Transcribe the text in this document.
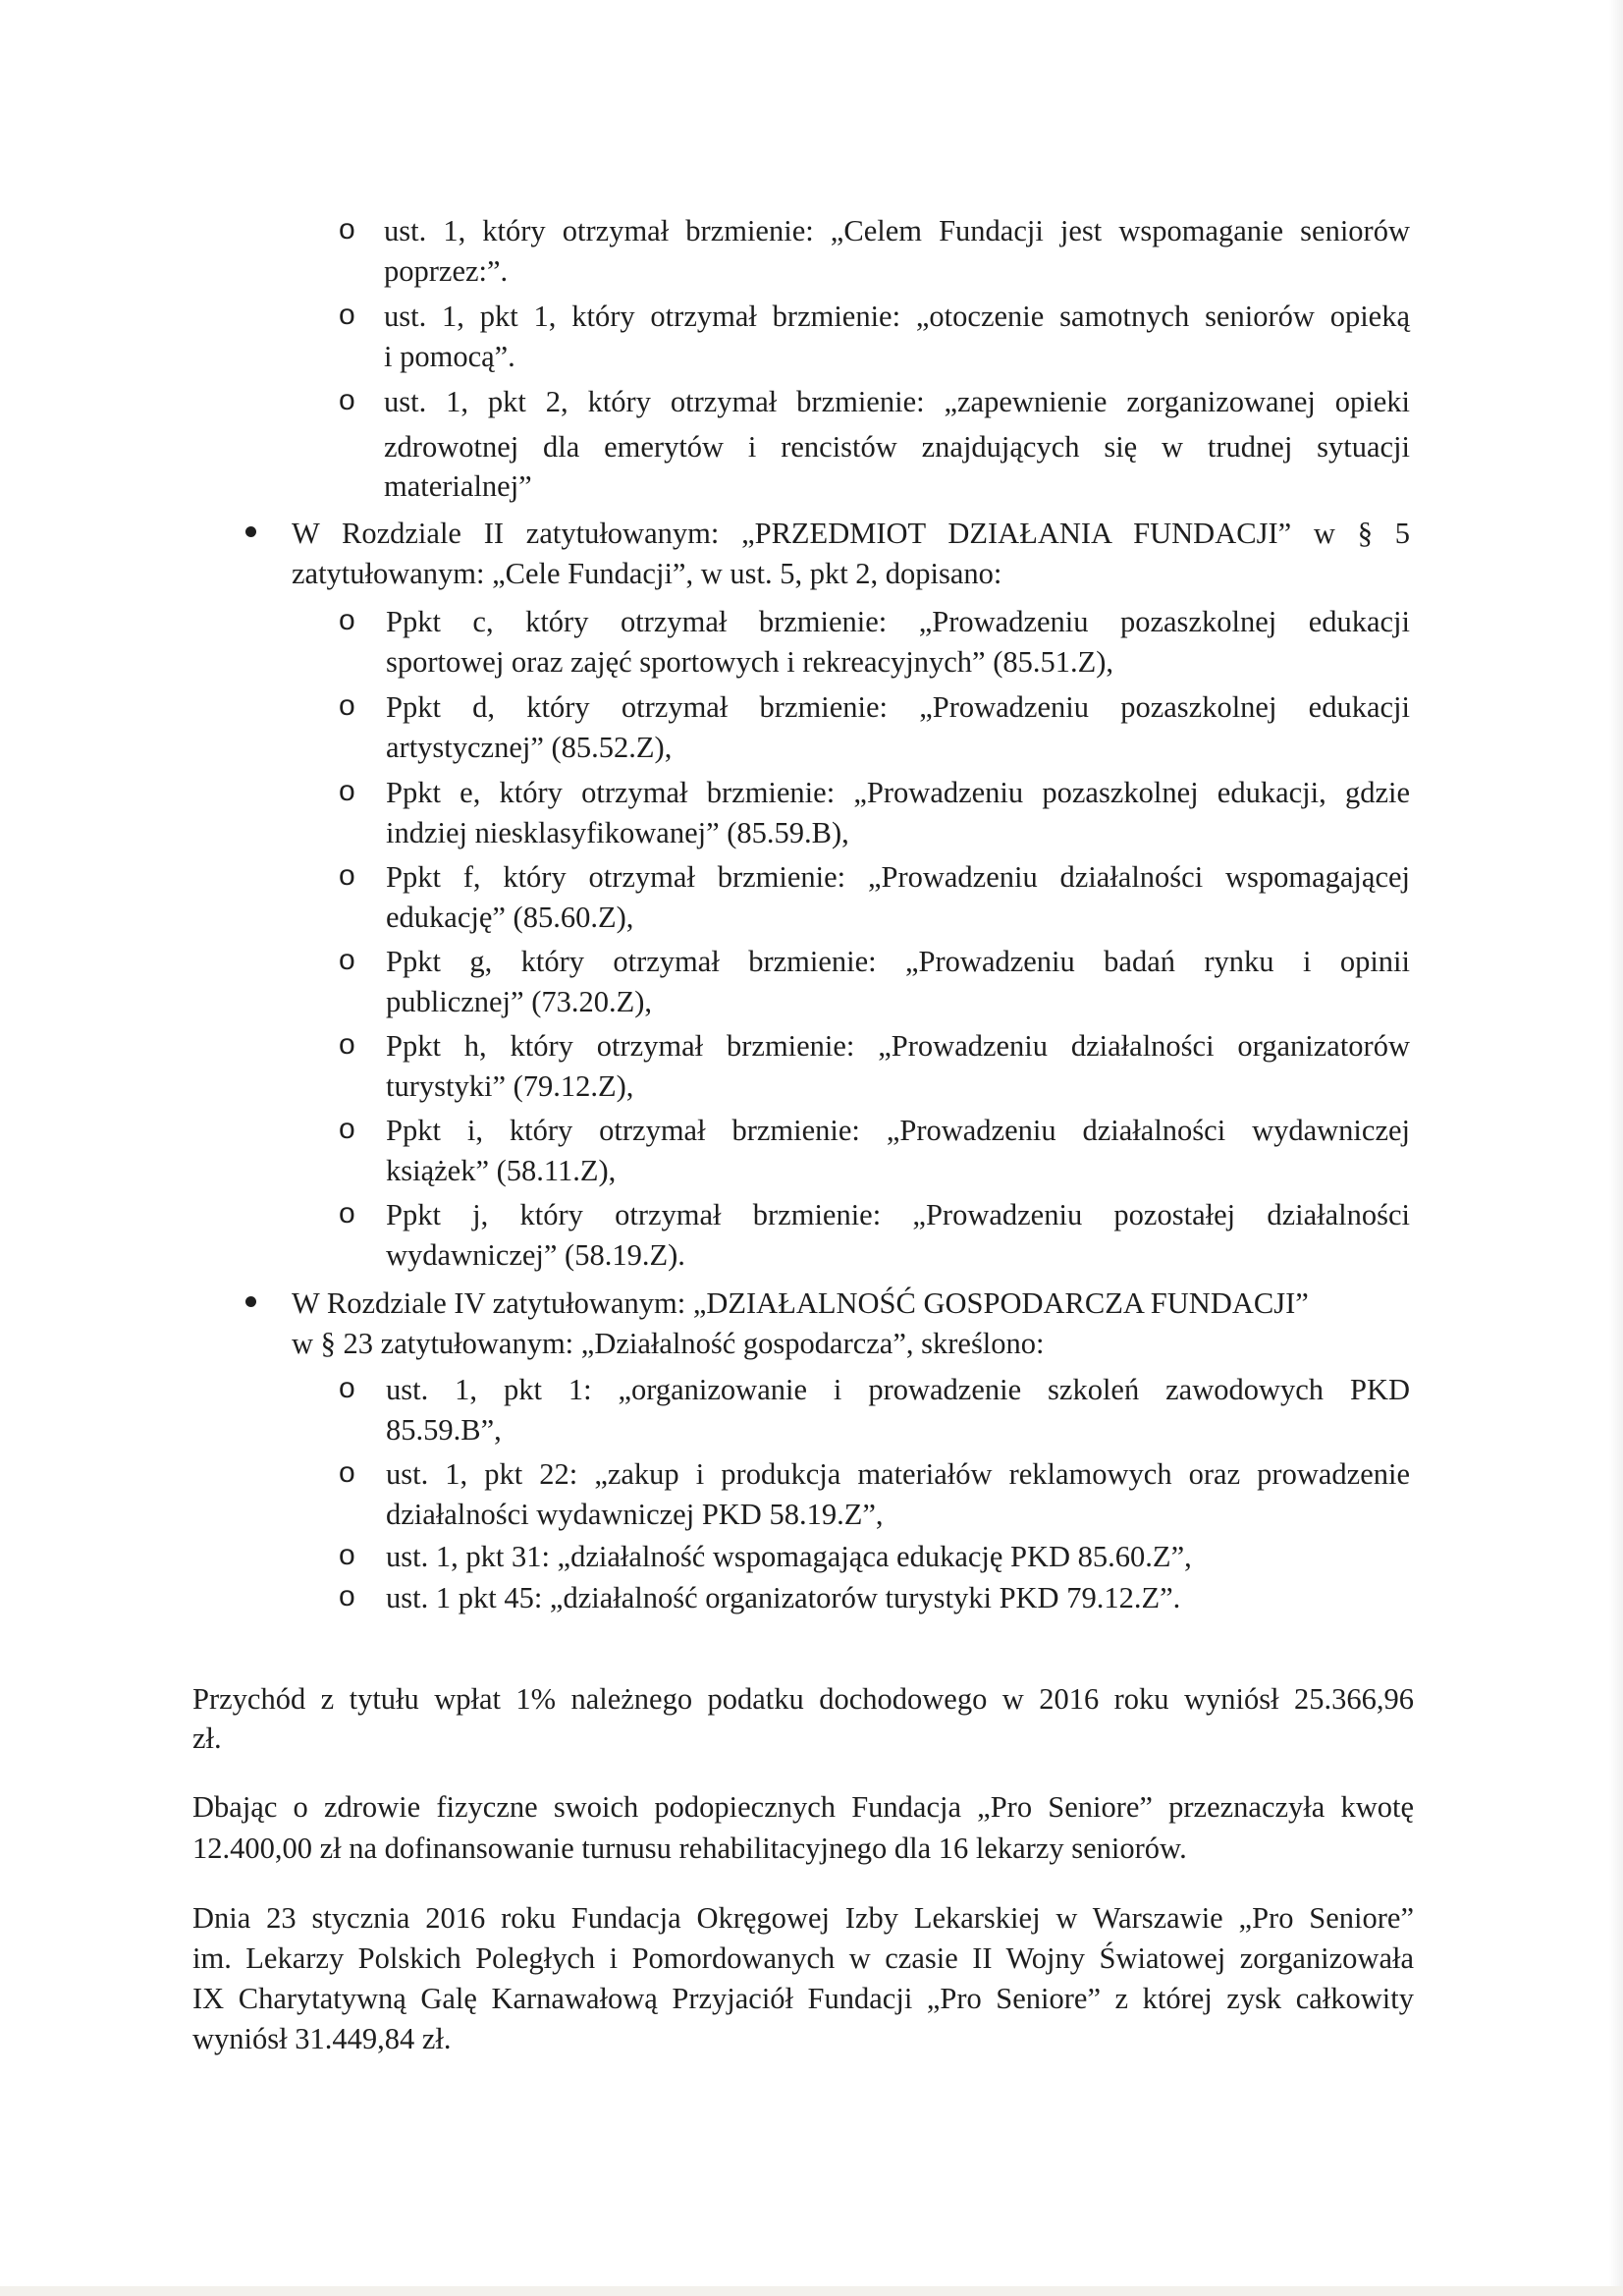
o ust. 1, który otrzymał brzmienie: „Celem Fundacji jest wspomaganie seniorów
poprzez:”.
o ust. 1, pkt 1, który otrzymał brzmienie: „otoczenie samotnych seniorów opieką
i pomocą”.
o ust. 1, pkt 2, który otrzymał brzmienie: „zapewnienie zorganizowanej opieki
zdrowotnej dla emerytów i rencistów znajdujących się w trudnej sytuacji
materialnej”
W Rozdziale II zatytułowanym: „PRZEDMIOT DZIAŁANIA FUNDACJI” w § 5
zatytułowanym: „Cele Fundacji”, w ust. 5, pkt 2, dopisano:
o Ppkt c, który otrzymał brzmienie: „Prowadzeniu pozaszkolnej edukacji
sportowej oraz zajęć sportowych i rekreacyjnych” (85.51.Z),
o Ppkt d, który otrzymał brzmienie: „Prowadzeniu pozaszkolnej edukacji
artystycznej” (85.52.Z),
o Ppkt e, który otrzymał brzmienie: „Prowadzeniu pozaszkolnej edukacji, gdzie
indziej niesklasyfikowanej” (85.59.B),
o Ppkt f, który otrzymał brzmienie: „Prowadzeniu działalności wspomagającej
edukację” (85.60.Z),
o Ppkt g, który otrzymał brzmienie: „Prowadzeniu badań rynku i opinii
publicznej” (73.20.Z),
o Ppkt h, który otrzymał brzmienie: „Prowadzeniu działalności organizatorów
turystyki” (79.12.Z),
o Ppkt i, który otrzymał brzmienie: „Prowadzeniu działalności wydawniczej
książek” (58.11.Z),
o Ppkt j, który otrzymał brzmienie: „Prowadzeniu pozostałej działalności
wydawniczej” (58.19.Z).
W Rozdziale IV zatytułowanym: „DZIAŁALNOŚĆ GOSPODARCZA FUNDACJI”
w § 23 zatytułowanym: „Działalność gospodarcza”, skreślono:
o ust. 1, pkt 1: „organizowanie i prowadzenie szkoleń zawodowych PKD
85.59.B”,
o ust. 1, pkt 22: „zakup i produkcja materiałów reklamowych oraz prowadzenie
działalności wydawniczej PKD 58.19.Z”,
o ust. 1, pkt 31: „działalność wspomagająca edukację PKD 85.60.Z”,
o ust. 1 pkt 45: „działalność organizatorów turystyki PKD 79.12.Z”.
Przychód z tytułu wpłat 1% należnego podatku dochodowego w 2016 roku wyniósł 25.366,96
zł.
Dbając o zdrowie fizyczne swoich podopiecznych Fundacja „Pro Seniore” przeznaczyła kwotę
12.400,00 zł na dofinansowanie turnusu rehabilitacyjnego dla 16 lekarzy seniorów.
Dnia 23 stycznia 2016 roku Fundacja Okręgowej Izby Lekarskiej w Warszawie „Pro Seniore”
im. Lekarzy Polskich Poległych i Pomordowanych w czasie II Wojny Światowej zorganizowała
IX Charytatywną Galę Karnawałową Przyjaciół Fundacji „Pro Seniore” z której zysk całkowity
wyniósł 31.449,84 zł.
